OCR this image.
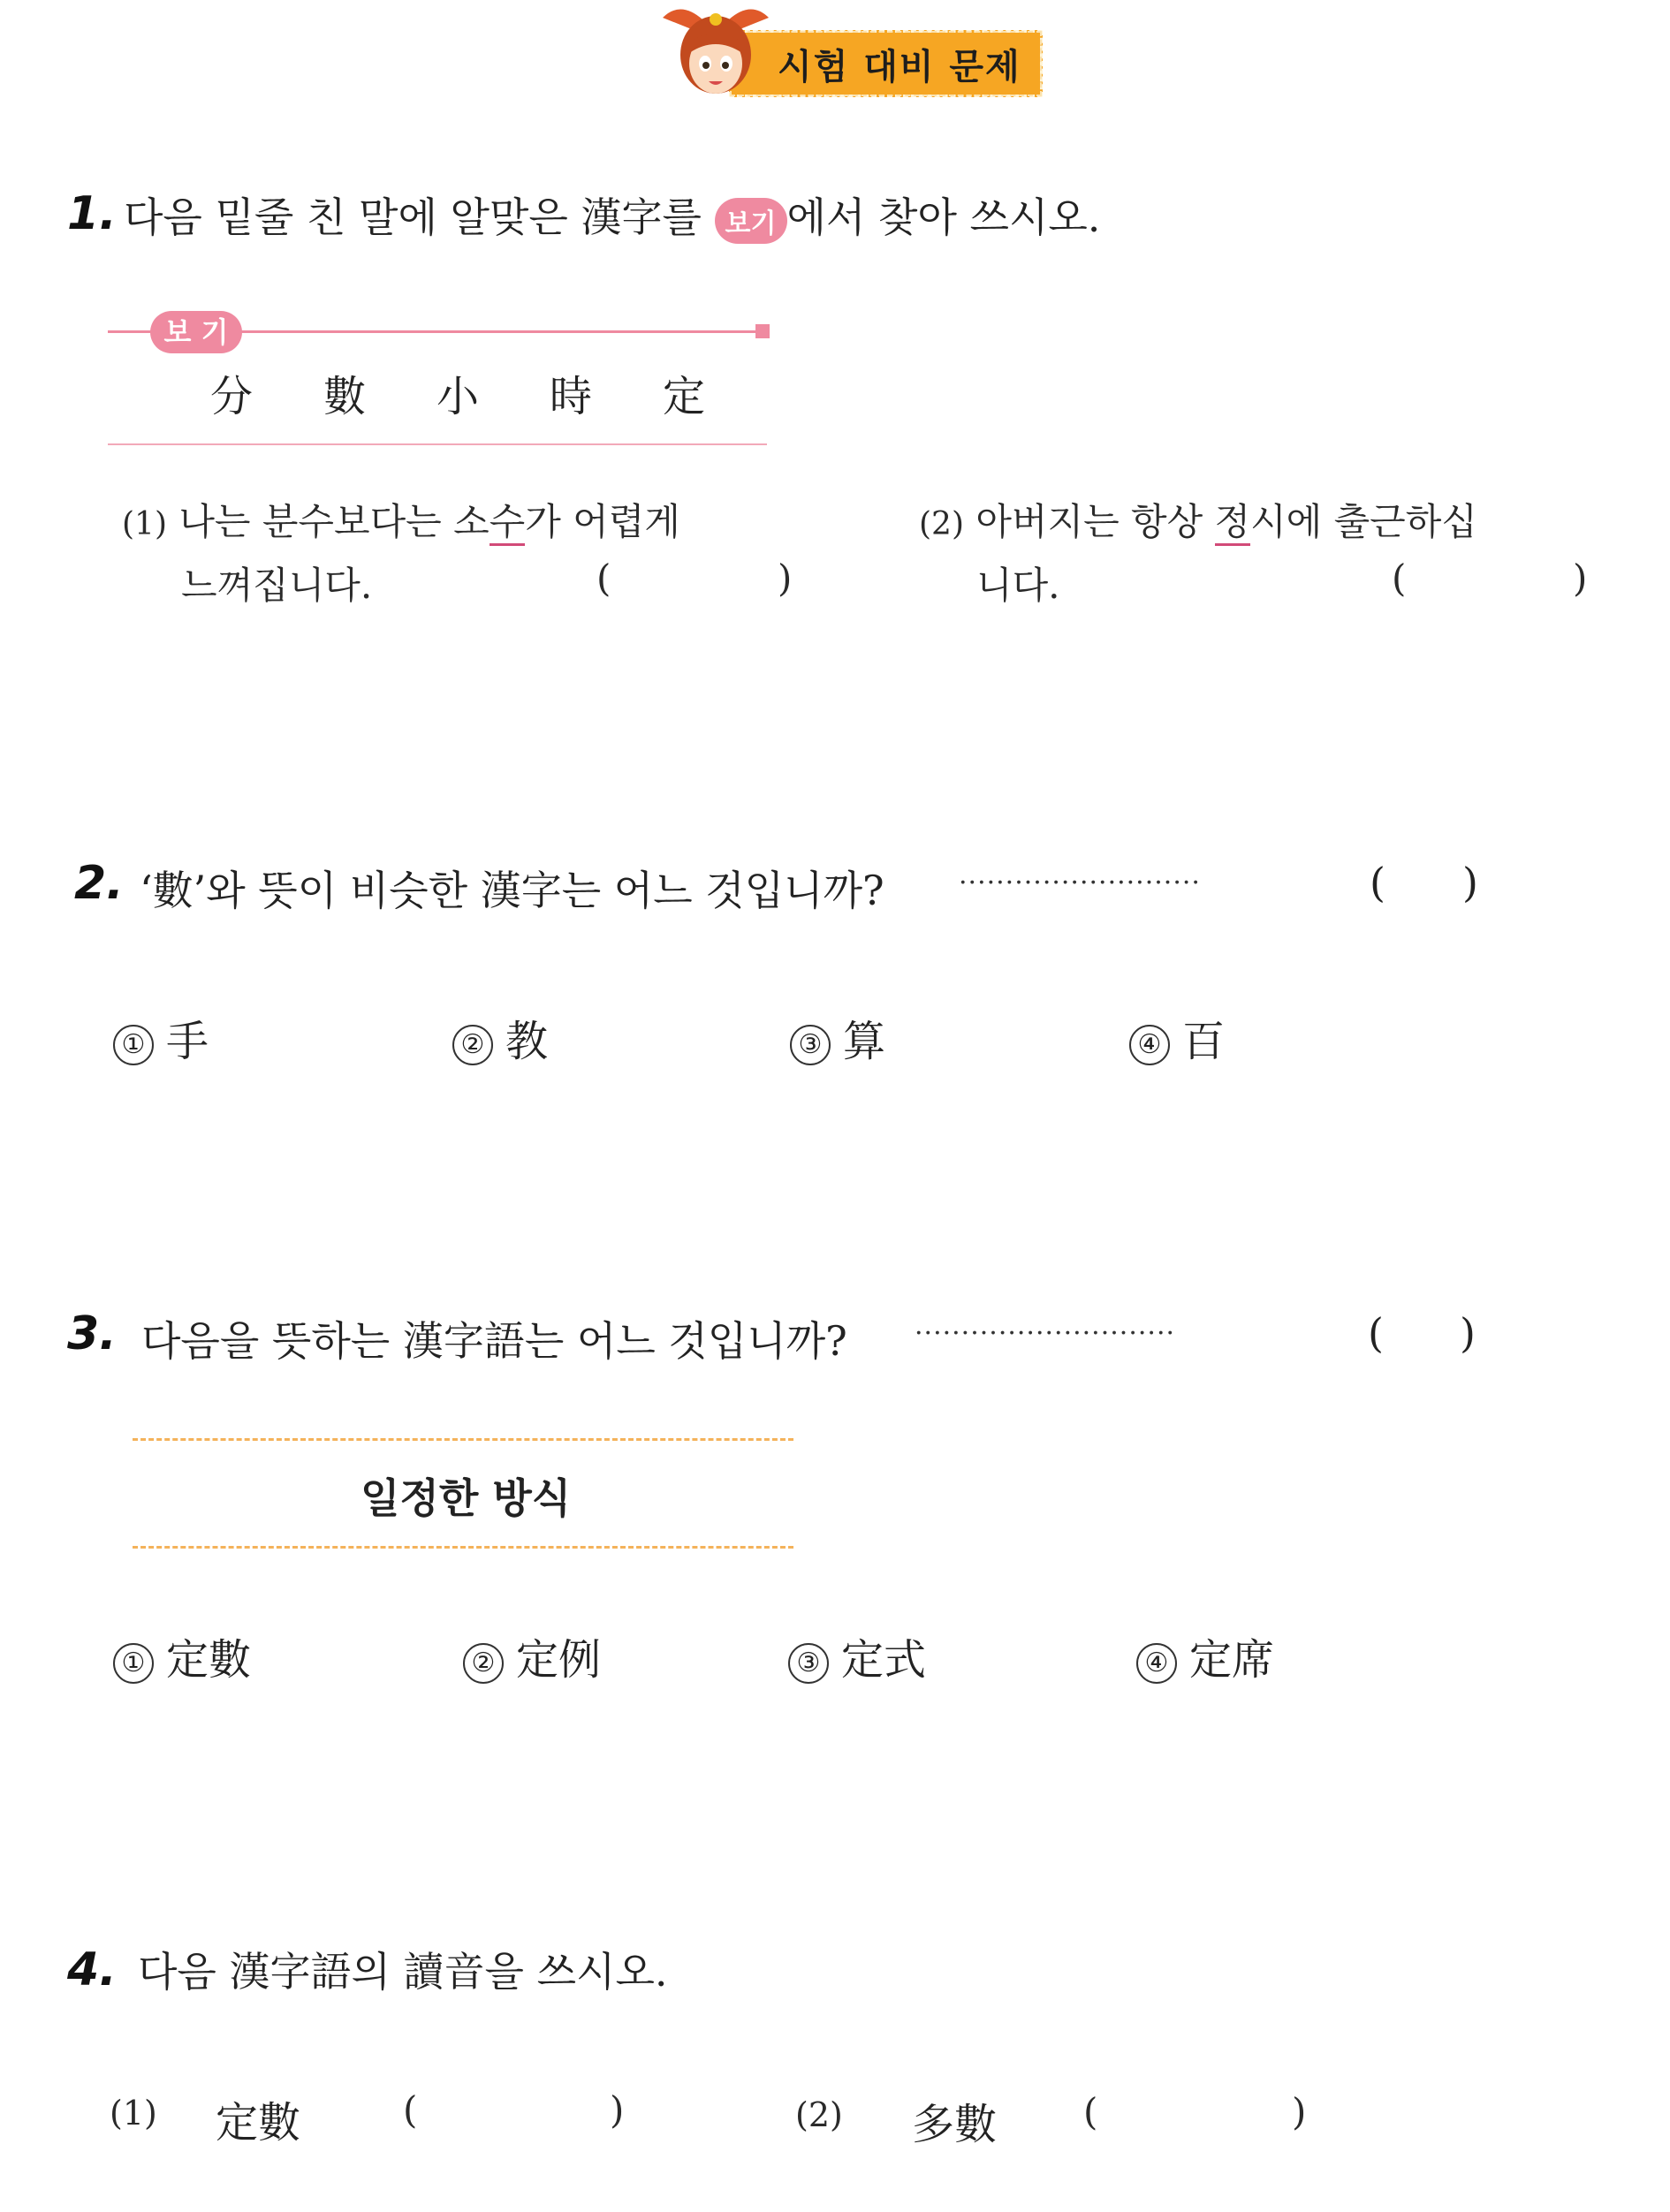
시험 대비 문제
1. 다음 밑줄 친 말에 알맞은 漢字를 보기 에서 찾아 쓰시오.
보 기
分 數 小 時 定
(1) 나는 분수보다는 소수가 어렵게
느껴집니다.	(	)
(2) 아버지는 항상 정시에 출근하십
니다.	(	)
2. ‘數’와 뜻이 비슷한 漢字는 어느 것입니까?	··························	( )
① 手	② 教	③ 算	④ 百
3. 다음을 뜻하는 漢字語는 어느 것입니까?	····························	( )
일정한 방식
① 定數	② 定例	③ 定式	④ 定席
4. 다음 漢字語의 讀音을 쓰시오.
(1) 定數	(	)	(2) 多數 (	)
